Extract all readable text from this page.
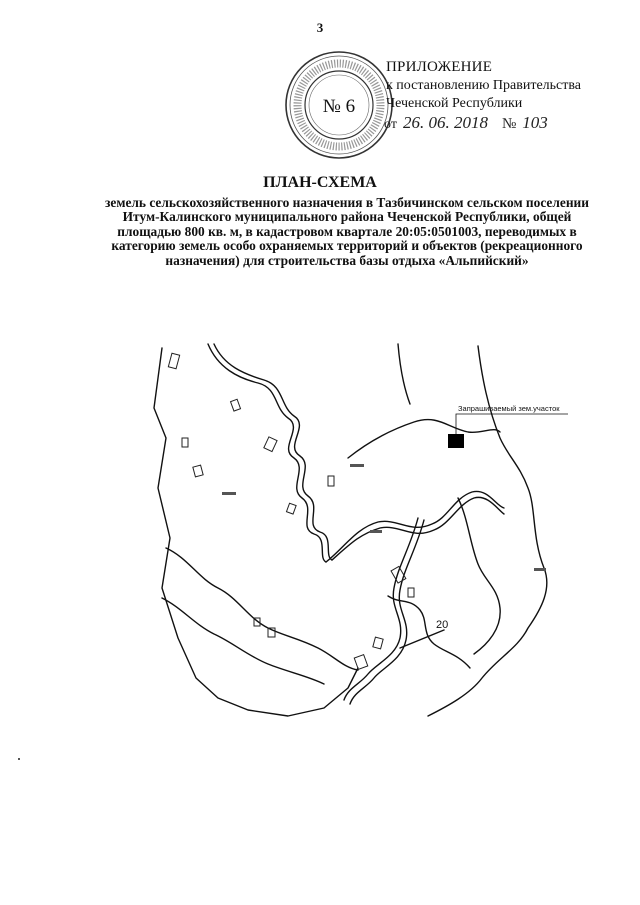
3
№ 6
ПРИЛОЖЕНИЕ
к постановлению Правительства
Чеченской Республики
от 26. 06. 2018 № 103
ПЛАН-СХЕМА
земель сельскохозяйственного назначения в Тазбичинском сельском поселении Итум-Калинского муниципального района Чеченской Республики, общей площадью 800 кв. м, в кадастровом квартале 20:05:0501003, переводимых в категорию земель особо охраняемых территорий и объектов (рекреационного назначения) для строительства базы отдыха «Альпийский»
Запрашиваемый зем.участок
20
